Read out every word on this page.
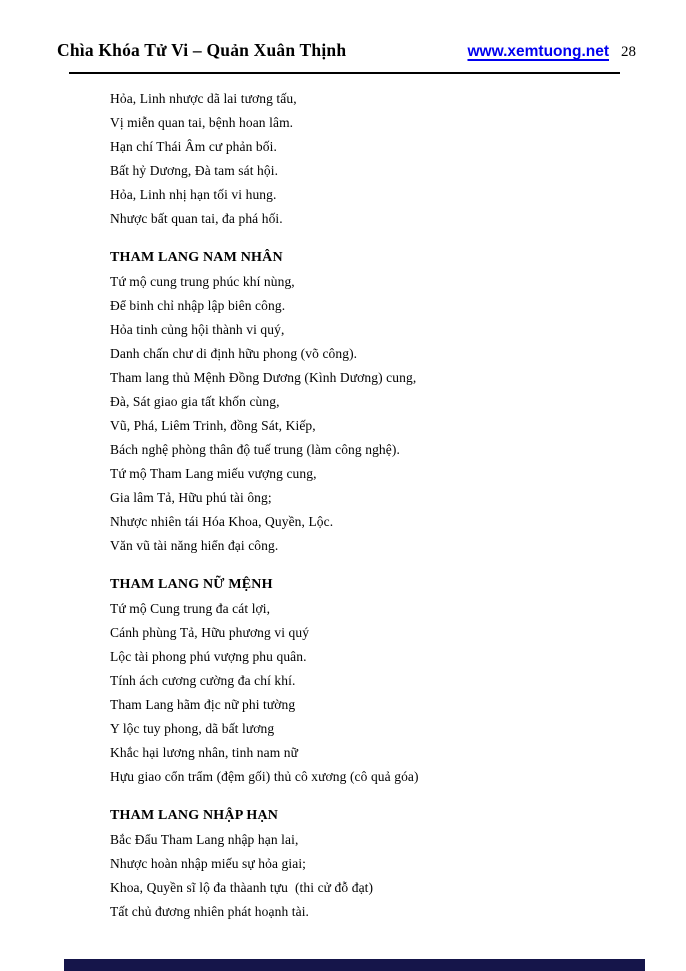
Chìa Khóa Tử Vi – Quản Xuân Thịnh	www.xemtuong.net 28

Hỏa, Linh nhược dã lai tương tấu,

Vị miễn quan tai, bệnh hoan lâm.

Hạn chí Thái Âm cư phản bối.

Bất hỷ Dương, Đà tam sát hội.

Hỏa, Linh nhị hạn tối vi hung.

Nhược bất quan tai, đa phá hối.

THAM LANG NAM NHÂN

Tứ mộ cung trung phúc khí nùng,

Để binh chỉ nhập lập biên công.

Hỏa tinh củng hội thành vi quý,

Danh chấn chư di định hữu phong (võ công).

Tham lang thủ Mệnh Đồng Dương (Kình Dương) cung,

Đà, Sát giao gia tất khốn cùng,

Vũ, Phá, Liêm Trinh, đồng Sát, Kiếp,

Bách nghệ phòng thân độ tuế trung (làm công nghệ).

Tứ mộ Tham Lang miếu vượng cung,

Gia lâm Tả, Hữu phú tài ông;

Nhược nhiên tái Hóa Khoa, Quyền, Lộc.

Văn vũ tài năng hiển đại công.

THAM LANG NỮ MỆNH

Tứ mộ Cung trung đa cát lợi,

Cánh phùng Tả, Hữu phương vi quý

Lộc tài phong phú vượng phu quân.

Tính ách cương cường đa chí khí.

Tham Lang hãm địc nữ phi tường

Y lộc tuy phong, dã bất lương

Khắc hại lương nhân, tinh nam nữ

Hựu giao cổn trẩm (đệm gối) thủ cô xương (cô quả góa)

THAM LANG NHẬP HẠN

Bắc Đẩu Tham Lang nhập hạn lai,

Nhược hoàn nhập miếu sự hỏa giai;

Khoa, Quyền sĩ lộ đa thàanh tựu  (thi cử đỗ đạt)

Tất chủ đương nhiên phát hoạnh tài.
